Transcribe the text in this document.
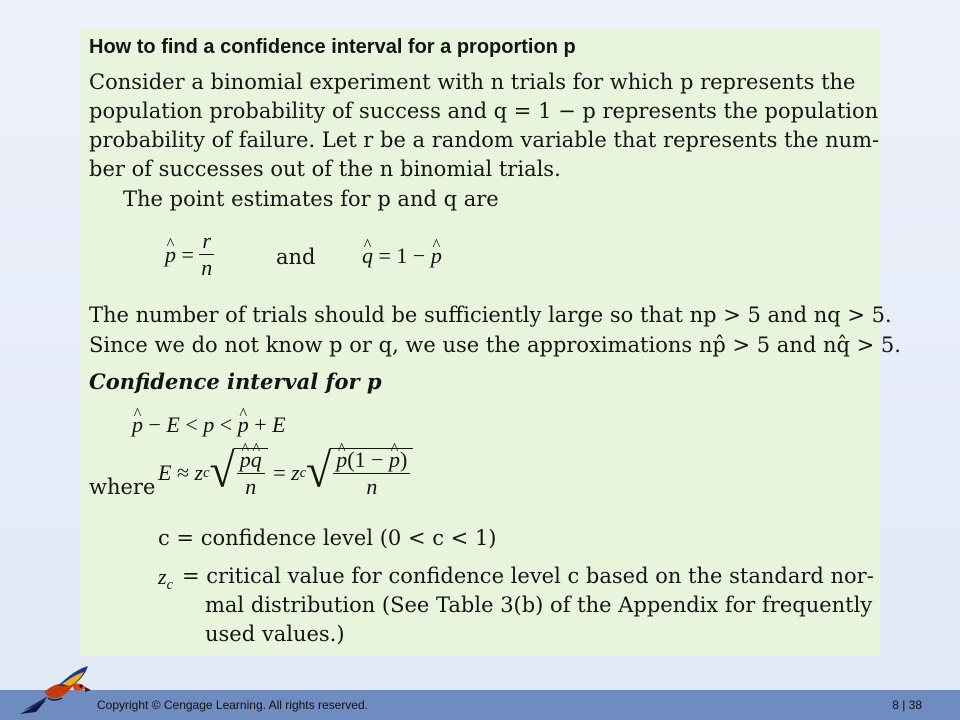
How to find a confidence interval for a proportion p
Consider a binomial experiment with n trials for which p represents the
population probability of success and q = 1 − p represents the population
probability of failure. Let r be a random variable that represents the num-
ber of successes out of the n binomial trials.
The point estimates for p and q are
^ $p = \frac{r}{n}$	and ^ q = 1 − ^ p
The number of trials should be sufficiently large so that np > 5 and nq > 5.
Since we do not know p or q, we use the approximations np̂ > 5 and nq̂ > 5.
Confidence interval for p
^ p − E < p < ^ p + E
where
E ≈ z c √ ^ $\frac{p\^{} q}{n} = z$ c √ ^ $\frac{p(1 - \^{} p)}{n}$
c = confidence level (0 < c < 1)
$z_c$ = critical value for confidence level c based on the standard nor-
mal distribution (See Table 3(b) of the Appendix for frequently
used values.)
Copyright © Cengage Learning. All rights reserved.	8 | 38
